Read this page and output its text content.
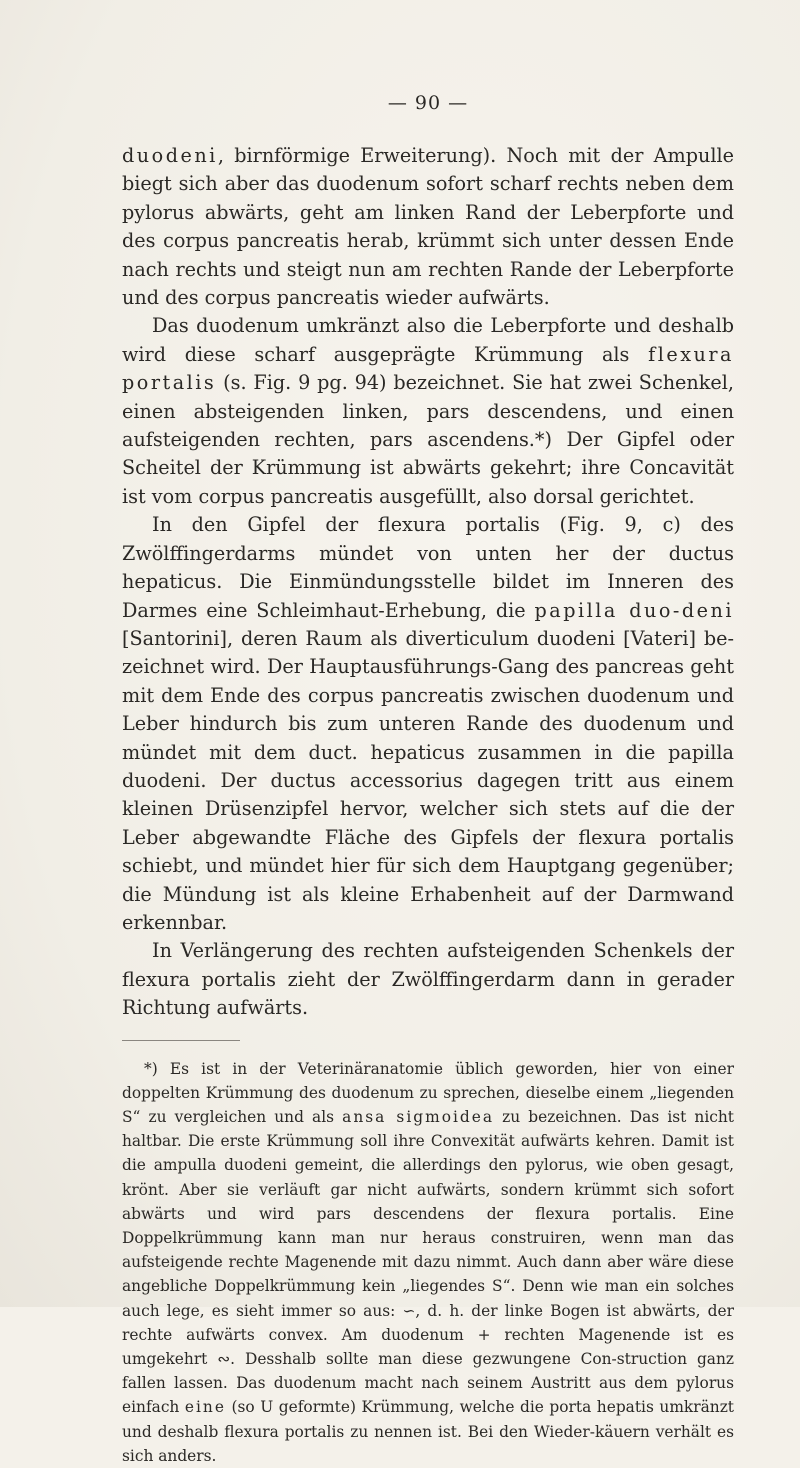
— 90 —

duodeni, birnförmige Erweiterung). Noch mit der Ampulle biegt sich aber das duodenum sofort scharf rechts neben dem pylorus abwärts, geht am linken Rand der Leberpforte und des corpus pancreatis herab, krümmt sich unter dessen Ende nach rechts und steigt nun am rechten Rande der Leberpforte und des corpus pancreatis wieder aufwärts.

Das duodenum umkränzt also die Leberpforte und deshalb wird diese scharf ausgeprägte Krümmung als flexura portalis (s. Fig. 9 pg. 94) bezeichnet. Sie hat zwei Schenkel, einen absteigenden linken, pars descendens, und einen aufsteigenden rechten, pars ascendens.*) Der Gipfel oder Scheitel der Krümmung ist abwärts gekehrt; ihre Concavität ist vom corpus pancreatis ausgefüllt, also dorsal gerichtet.

In den Gipfel der flexura portalis (Fig. 9, c) des Zwölffingerdarms mündet von unten her der ductus hepaticus. Die Einmündungsstelle bildet im Inneren des Darmes eine Schleimhaut-Erhebung, die papilla duo-deni [Santorini], deren Raum als diverticulum duodeni [Vateri] be-zeichnet wird. Der Hauptausführungs-Gang des pancreas geht mit dem Ende des corpus pancreatis zwischen duodenum und Leber hindurch bis zum unteren Rande des duodenum und mündet mit dem duct. hepaticus zusammen in die papilla duodeni. Der ductus accessorius dagegen tritt aus einem kleinen Drüsenzipfel hervor, welcher sich stets auf die der Leber abgewandte Fläche des Gipfels der flexura portalis schiebt, und mündet hier für sich dem Hauptgang gegenüber; die Mündung ist als kleine Erhabenheit auf der Darmwand erkennbar.

In Verlängerung des rechten aufsteigenden Schenkels der flexura portalis zieht der Zwölffingerdarm dann in gerader Richtung aufwärts.

*) Es ist in der Veterinäranatomie üblich geworden, hier von einer doppelten Krümmung des duodenum zu sprechen, dieselbe einem „liegenden S“ zu vergleichen und als ansa sigmoidea zu bezeichnen. Das ist nicht haltbar. Die erste Krümmung soll ihre Convexität aufwärts kehren. Damit ist die ampulla duodeni gemeint, die allerdings den pylorus, wie oben gesagt, krönt. Aber sie verläuft gar nicht aufwärts, sondern krümmt sich sofort abwärts und wird pars descendens der flexura portalis. Eine Doppelkrümmung kann man nur heraus construiren, wenn man das aufsteigende rechte Magenende mit dazu nimmt. Auch dann aber wäre diese angebliche Doppelkrümmung kein „liegendes S“. Denn wie man ein solches auch lege, es sieht immer so aus: ∽, d. h. der linke Bogen ist abwärts, der rechte aufwärts convex. Am duodenum + rechten Magenende ist es umgekehrt ∾. Desshalb sollte man diese gezwungene Con-struction ganz fallen lassen. Das duodenum macht nach seinem Austritt aus dem pylorus einfach eine (so U geformte) Krümmung, welche die porta hepatis umkränzt und deshalb flexura portalis zu nennen ist. Bei den Wieder-käuern verhält es sich anders.
